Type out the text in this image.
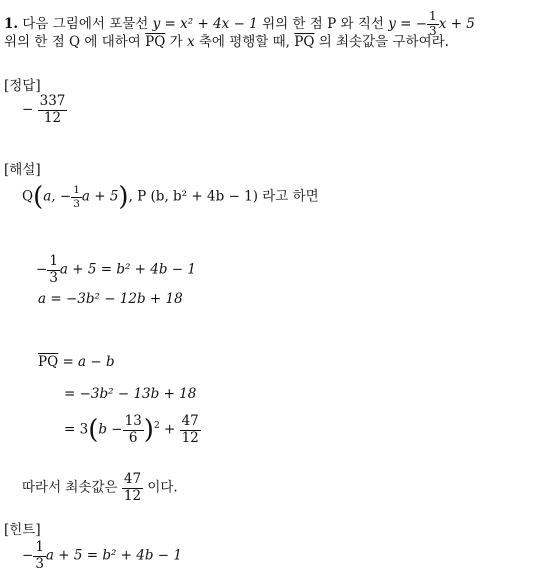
1. 다음 그림에서 포물선 y = x² + 4x − 1 위의 한 점 P 와 직선 y = − $\frac{1}{3}$ x + 5
위의 한 점 Q 에 대하여 $\overline{PQ}$ 가 x 축에 평행할 때, $\overline{PQ}$ 의 최솟값을 구하여라.
[정답]
− $\frac{337}{12}$
[해설]
Q(a, − $\frac{1}{3}$ a + 5), P (b, b² + 4b − 1) 라고 하면
− $\frac{1}{3}$ a + 5 = b² + 4b − 1
a = −3b² − 12b + 18
$\overline{PQ} = a - b$
= −3b² − 13b + 18
= $3(b - \frac{13}{6} )^2 + \frac{47}{12}$
따라서 최솟값은 $\frac{47}{12}$ 이다.
[힌트]
− $\frac{1}{3}$ a + 5 = b² + 4b − 1
